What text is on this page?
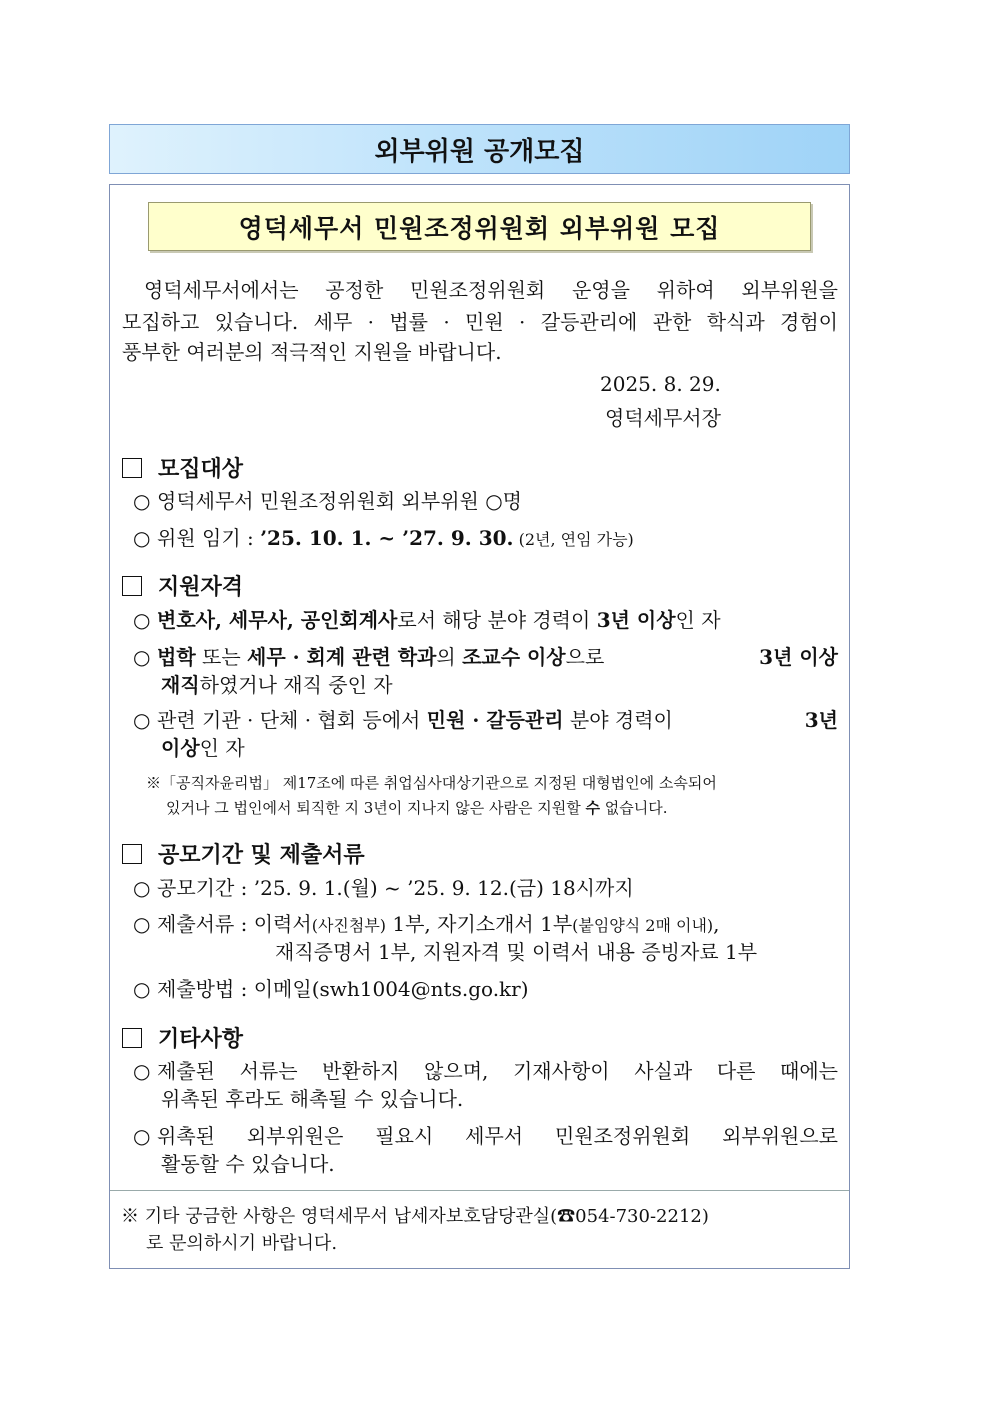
외부위원 공개모집
영덕세무서 민원조정위원회 외부위원 모집
영덕세무서에서는 공정한 민원조정위원회 운영을 위하여 외부위원을
모집하고 있습니다. 세무 · 법률 · 민원 · 갈등관리에 관한 학식과 경험이
풍부한 여러분의 적극적인 지원을 바랍니다.
2025. 8. 29.
영덕세무서장
모집대상
○ 영덕세무서 민원조정위원회 외부위원 ○명
○ 위원 임기 : ’25. 10. 1. ~ ’27. 9. 30. (2년, 연임 가능)
지원자격
○ 변호사, 세무사, 공인회계사로서 해당 분야 경력이 3년 이상인 자
○ 법학 또는 세무 · 회계 관련 학과의 조교수 이상으로	3년 이상
재직하였거나 재직 중인 자
○ 관련 기관 · 단체 · 협회 등에서 민원 · 갈등관리 분야 경력이	3년
이상인 자
※「공직자윤리법」 제17조에 따른 취업심사대상기관으로 지정된 대형법인에 소속되어
있거나 그 법인에서 퇴직한 지 3년이 지나지 않은 사람은 지원할 수 없습니다.
공모기간 및 제출서류
○ 공모기간 : ’25. 9. 1.(월) ~ ’25. 9. 12.(금) 18시까지
○ 제출서류 : 이력서(사진첨부) 1부, 자기소개서 1부(붙임양식 2매 이내),
재직증명서 1부, 지원자격 및 이력서 내용 증빙자료 1부
○ 제출방법 : 이메일(swh1004@nts.go.kr)
기타사항
○ 제출된 서류는 반환하지 않으며, 기재사항이 사실과 다른 때에는
위촉된 후라도 해촉될 수 있습니다.
○ 위촉된 외부위원은 필요시 세무서 민원조정위원회 외부위원으로
활동할 수 있습니다.
※ 기타 궁금한 사항은 영덕세무서 납세자보호담당관실(☎054-730-2212)
로 문의하시기 바랍니다.
